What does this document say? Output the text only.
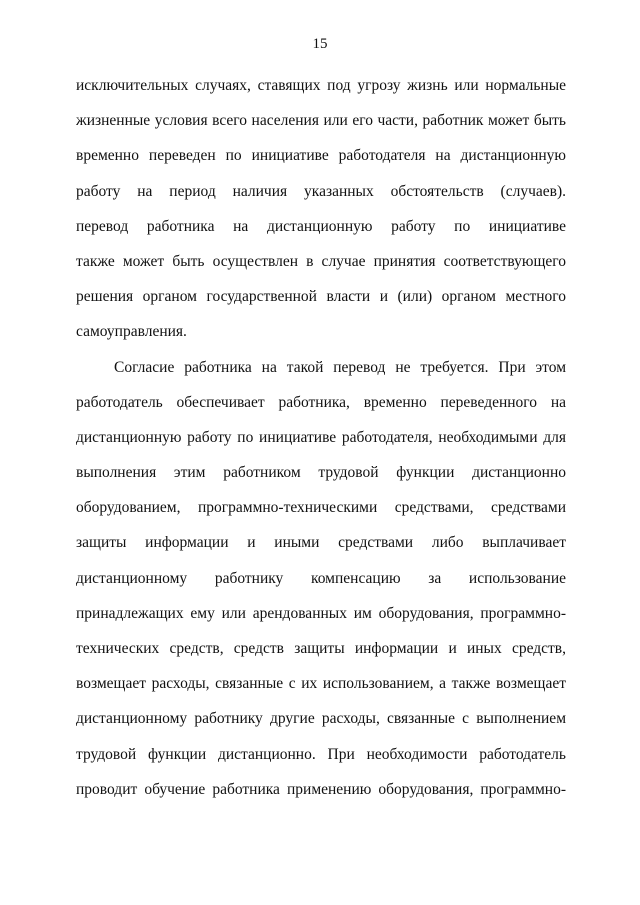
15
исключительных случаях, ставящих под угрозу жизнь или нормальные
жизненные условия всего населения или его части, работник может быть
временно переведен по инициативе работодателя на дистанционную
работу на период наличия указанных обстоятельств (случаев).
перевод работника на дистанционную работу по инициативе
также может быть осуществлен в случае принятия соответствующего
решения органом государственной власти и (или) органом местного
самоуправления.
Согласие работника на такой перевод не требуется. При этом
работодатель обеспечивает работника, временно переведенного на
дистанционную работу по инициативе работодателя, необходимыми для
выполнения этим работником трудовой функции дистанционно
оборудованием, программно-техническими средствами, средствами
защиты информации и иными средствами либо выплачивает
дистанционному работнику компенсацию за использование
принадлежащих ему или арендованных им оборудования, программно-
технических средств, средств защиты информации и иных средств,
возмещает расходы, связанные с их использованием, а также возмещает
дистанционному работнику другие расходы, связанные с выполнением
трудовой функции дистанционно. При необходимости работодатель
проводит обучение работника применению оборудования, программно-
